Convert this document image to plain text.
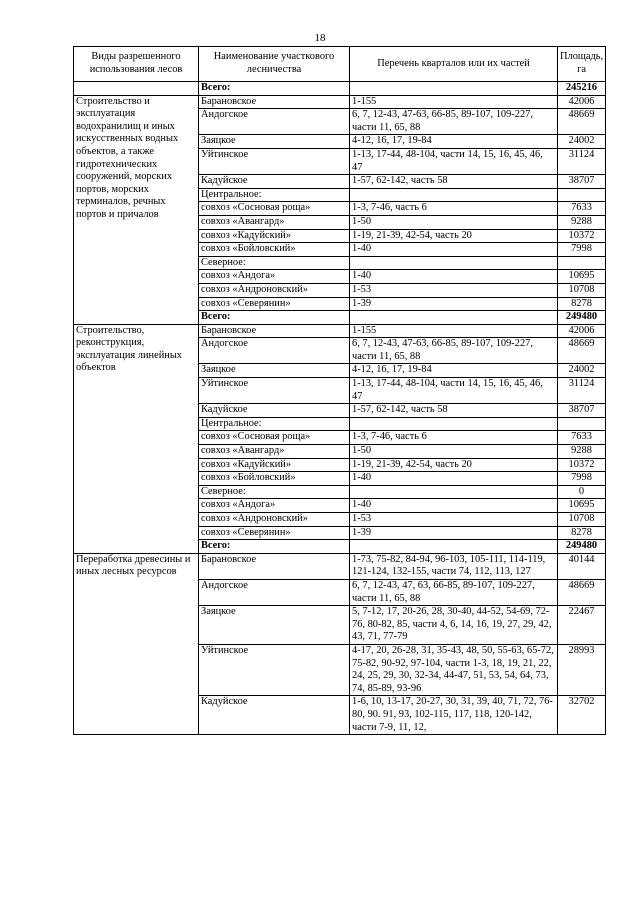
18
Виды разрешенного использования лесов	Наименование участкового лесничества	Перечень кварталов или их частей	Площадь, га
	Всего:		245216
Строительство и эксплуатация водохранилищ и иных искусственных водных объектов, а также гидротехнических сооружений, морских портов, морских терминалов, речных портов и причалов	Барановское	1-155	42006
	Андогское	6, 7, 12-43, 47-63, 66-85, 89-107, 109-227, части 11, 65, 88	48669
	Заяцкое	4-12, 16, 17, 19-84	24002
	Уйтинское	1-13, 17-44, 48-104, части 14, 15, 16, 45, 46, 47	31124
	Кадуйское	1-57, 62-142, часть 58	38707
	Центральное:		
	совхоз «Сосновая роща»	1-3, 7-46, часть 6	7633
	совхоз «Авангард»	1-50	9288
	совхоз «Кадуйский»	1-19, 21-39, 42-54, часть 20	10372
	совхоз «Бойловский»	1-40	7998
	Северное:		
	совхоз «Андога»	1-40	10695
	совхоз «Андроновский»	1-53	10708
	совхоз «Северянин»	1-39	8278
	Всего:		249480
Строительство, реконструкция, эксплуатация линейных объектов	Барановское	1-155	42006
	Андогское	6, 7, 12-43, 47-63, 66-85, 89-107, 109-227, части 11, 65, 88	48669
	Заяцкое	4-12, 16, 17, 19-84	24002
	Уйтинское	1-13, 17-44, 48-104, части 14, 15, 16, 45, 46, 47	31124
	Кадуйское	1-57, 62-142, часть 58	38707
	Центральное:		
	совхоз «Сосновая роща»	1-3, 7-46, часть 6	7633
	совхоз «Авангард»	1-50	9288
	совхоз «Кадуйский»	1-19, 21-39, 42-54, часть 20	10372
	совхоз «Бойловский»	1-40	7998
	Северное:		0
	совхоз «Андога»	1-40	10695
	совхоз «Андроновский»	1-53	10708
	совхоз «Северянин»	1-39	8278
	Всего:		249480
Переработка древесины и иных лесных ресурсов	Барановское	1-73, 75-82, 84-94, 96-103, 105-111, 114-119, 121-124, 132-155, части 74, 112, 113, 127	40144
	Андогское	6, 7, 12-43, 47, 63, 66-85, 89-107, 109-227, части 11, 65, 88	48669
	Заяцкое	5, 7-12, 17, 20-26, 28, 30-40, 44-52, 54-69, 72-76, 80-82, 85, части 4, 6, 14, 16, 19, 27, 29, 42, 43, 71, 77-79	22467
	Уйтинское	4-17, 20, 26-28, 31, 35-43, 48, 50, 55-63, 65-72, 75-82, 90-92, 97-104, части 1-3, 18, 19, 21, 22, 24, 25, 29, 30, 32-34, 44-47, 51, 53, 54, 64, 73, 74, 85-89, 93-96	28993
	Кадуйское	1-6, 10, 13-17, 20-27, 30, 31, 39, 40, 71, 72, 76-80, 90. 91, 93, 102-115, 117, 118, 120-142, части 7-9, 11, 12,	32702
